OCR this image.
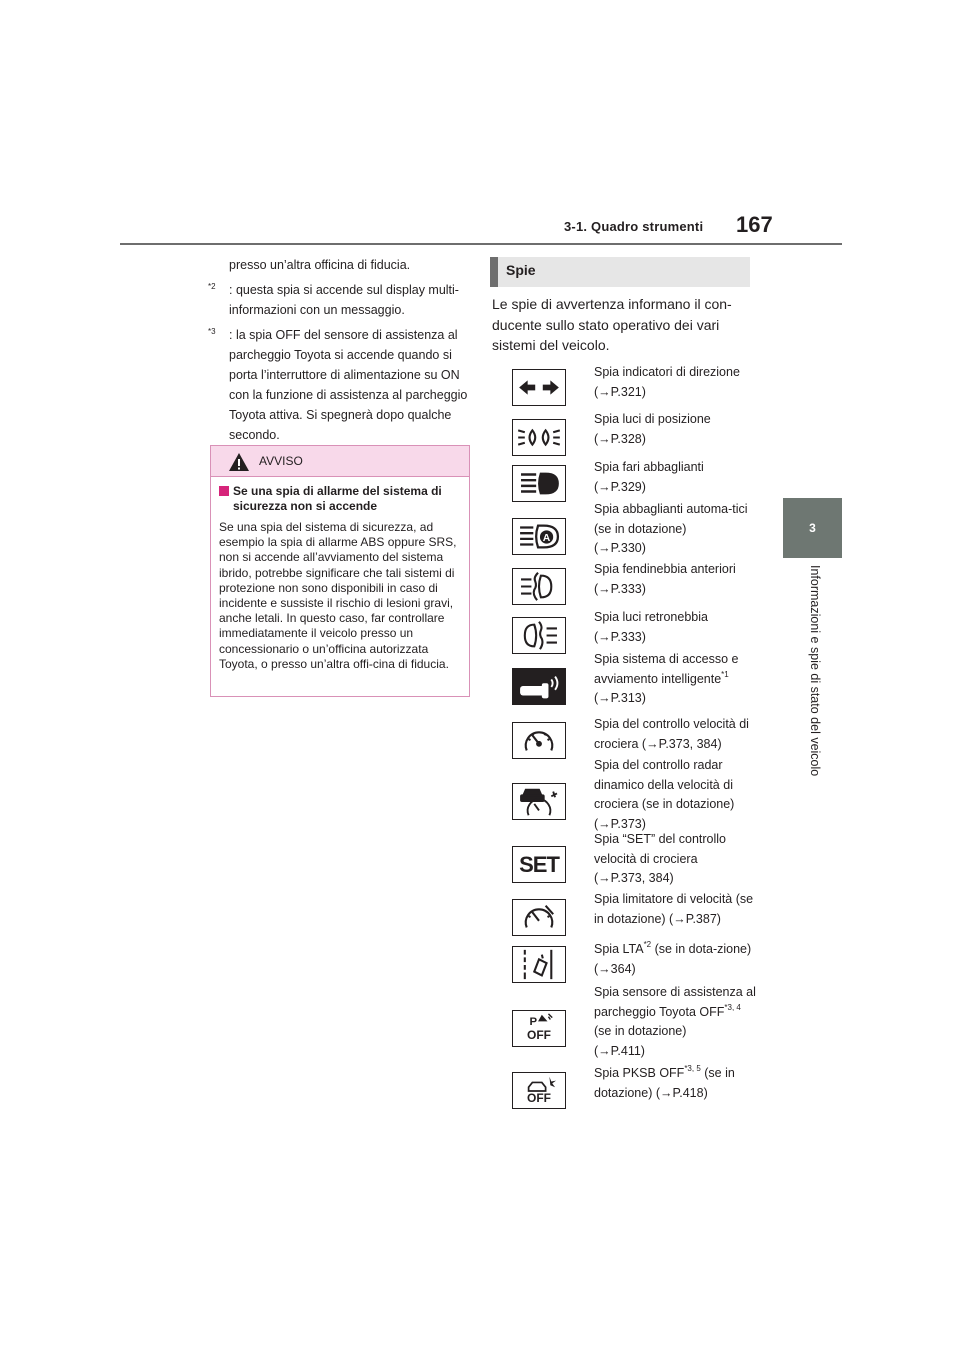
3-1. Quadro strumenti 167
3
Informazioni e spie di stato del veicolo
presso un’altra officina di fiducia.
$^{*2}$ : questa spia si accende sul display multi-informazioni con un messaggio.
$^{*3}$ : la spia OFF del sensore di assistenza al parcheggio Toyota si accende quando si porta l’interruttore di alimentazione su ON con la funzione di assistenza al parcheggio Toyota attiva. Si spegnerà dopo qualche secondo.
AVVISO
Se una spia di allarme del sistema di sicurezza non si accende
Se una spia del sistema di sicurezza, ad esempio la spia di allarme ABS oppure SRS, non si accende all’avviamento del sistema ibrido, potrebbe significare che tali sistemi di protezione non sono disponibili in caso di incidente e sussiste il rischio di lesioni gravi, anche letali. In questo caso, far controllare immediatamente il veicolo presso un concessionario o un’officina autorizzata Toyota, o presso un’altra offi-cina di fiducia.
Spie
Le spie di avvertenza informano il con-ducente sullo stato operativo dei vari sistemi del veicolo.
Spia indicatori di direzione
(→P.321)
Spia luci di posizione
(→P.328)
Spia fari abbaglianti
(→P.329)
A
Spia abbaglianti automa-tici (se in dotazione)
(→P.330)
Spia fendinebbia anteriori
(→P.333)
Spia luci retronebbia
(→P.333)
Spia sistema di accesso e avviamento intelligente$^{*1}$
(→P.313)
Spia del controllo velocità di crociera (→P.373, 384)
Spia del controllo radar dinamico della velocità di crociera (se in dotazione)
(→P.373)
SET
Spia “SET” del controllo velocità di crociera
(→P.373, 384)
Spia limitatore di velocità (se in dotazione) (→P.387)
Spia LTA$^{*2}$ (se in dota-zione) (→364)
P
OFF
Spia sensore di assistenza al parcheggio Toyota OFF$^{*3, 4}$ (se in dotazione)
(→P.411)
OFF
Spia PKSB OFF$^{*3, 5}$ (se in dotazione) (→P.418)
